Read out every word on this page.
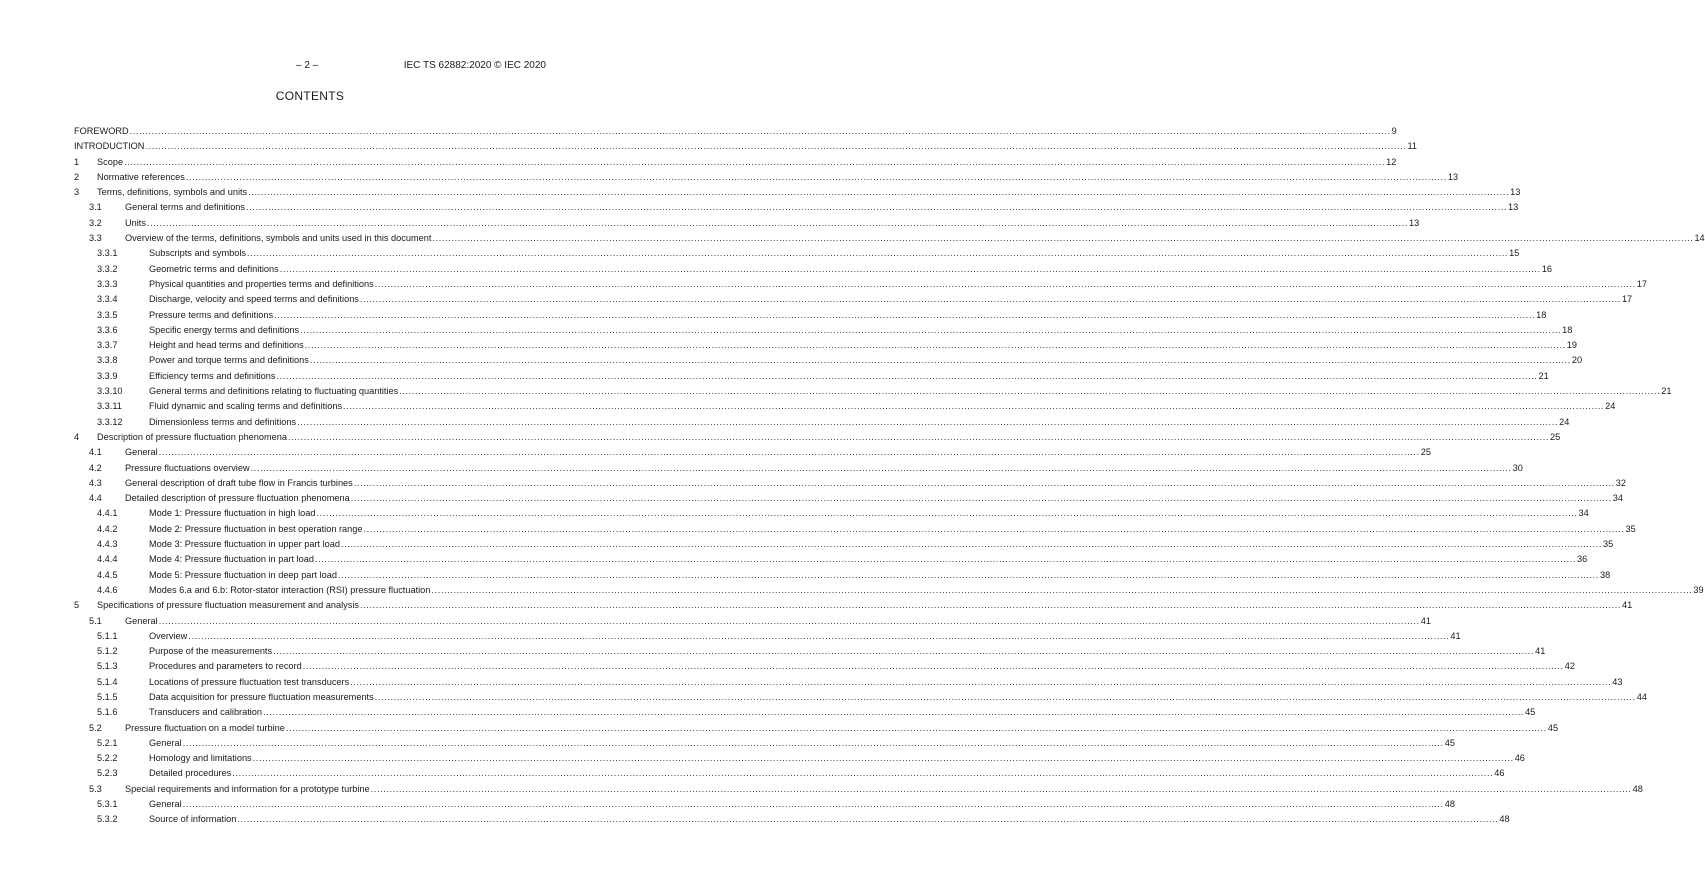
– 2 –	IEC TS 62882:2020 © IEC 2020
CONTENTS
FOREWORD ................................................................................................................................................................................................................................................................................................................................................................................................................ 9
INTRODUCTION ................................................................................................................................................................................................................................................................................................................................................................................................................ 11
1 Scope ................................................................................................................................................................................................................................................................................................................................................................................................................ 12
2 Normative references ................................................................................................................................................................................................................................................................................................................................................................................................................ 13
3 Terms, definitions, symbols and units ................................................................................................................................................................................................................................................................................................................................................................................................................ 13
3.1	General terms and definitions ................................................................................................................................................................................................................................................................................................................................................................................................................ 13
3.2	Units ................................................................................................................................................................................................................................................................................................................................................................................................................ 13
3.3	Overview of the terms, definitions, symbols and units used in this document ................................................................................................................................................................................................................................................................................................................................................................................................................ 14
3.3.1	Subscripts and symbols ................................................................................................................................................................................................................................................................................................................................................................................................................ 15
3.3.2	Geometric terms and definitions ................................................................................................................................................................................................................................................................................................................................................................................................................ 16
3.3.3	Physical quantities and properties terms and definitions ................................................................................................................................................................................................................................................................................................................................................................................................................ 17
3.3.4	Discharge, velocity and speed terms and definitions ................................................................................................................................................................................................................................................................................................................................................................................................................ 17
3.3.5	Pressure terms and definitions ................................................................................................................................................................................................................................................................................................................................................................................................................ 18
3.3.6	Specific energy terms and definitions ................................................................................................................................................................................................................................................................................................................................................................................................................ 18
3.3.7	Height and head terms and definitions ................................................................................................................................................................................................................................................................................................................................................................................................................ 19
3.3.8	Power and torque terms and definitions ................................................................................................................................................................................................................................................................................................................................................................................................................ 20
3.3.9	Efficiency terms and definitions ................................................................................................................................................................................................................................................................................................................................................................................................................ 21
3.3.10	General terms and definitions relating to fluctuating quantities ................................................................................................................................................................................................................................................................................................................................................................................................................ 21
3.3.11	Fluid dynamic and scaling terms and definitions ................................................................................................................................................................................................................................................................................................................................................................................................................ 24
3.3.12	Dimensionless terms and definitions ................................................................................................................................................................................................................................................................................................................................................................................................................ 24
4 Description of pressure fluctuation phenomena ................................................................................................................................................................................................................................................................................................................................................................................................................ 25
4.1	General ................................................................................................................................................................................................................................................................................................................................................................................................................ 25
4.2	Pressure fluctuations overview ................................................................................................................................................................................................................................................................................................................................................................................................................ 30
4.3	General description of draft tube flow in Francis turbines ................................................................................................................................................................................................................................................................................................................................................................................................................ 32
4.4	Detailed description of pressure fluctuation phenomena ................................................................................................................................................................................................................................................................................................................................................................................................................ 34
4.4.1	Mode 1: Pressure fluctuation in high load ................................................................................................................................................................................................................................................................................................................................................................................................................ 34
4.4.2	Mode 2: Pressure fluctuation in best operation range ................................................................................................................................................................................................................................................................................................................................................................................................................ 35
4.4.3	Mode 3: Pressure fluctuation in upper part load ................................................................................................................................................................................................................................................................................................................................................................................................................ 35
4.4.4	Mode 4: Pressure fluctuation in part load ................................................................................................................................................................................................................................................................................................................................................................................................................ 36
4.4.5	Mode 5: Pressure fluctuation in deep part load ................................................................................................................................................................................................................................................................................................................................................................................................................ 38
4.4.6	Modes 6.a and 6.b: Rotor-stator interaction (RSI) pressure fluctuation ................................................................................................................................................................................................................................................................................................................................................................................................................ 39
5 Specifications of pressure fluctuation measurement and analysis ................................................................................................................................................................................................................................................................................................................................................................................................................ 41
5.1	General ................................................................................................................................................................................................................................................................................................................................................................................................................ 41
5.1.1	Overview ................................................................................................................................................................................................................................................................................................................................................................................................................ 41
5.1.2	Purpose of the measurements ................................................................................................................................................................................................................................................................................................................................................................................................................ 41
5.1.3	Procedures and parameters to record ................................................................................................................................................................................................................................................................................................................................................................................................................ 42
5.1.4	Locations of pressure fluctuation test transducers ................................................................................................................................................................................................................................................................................................................................................................................................................ 43
5.1.5	Data acquisition for pressure fluctuation measurements ................................................................................................................................................................................................................................................................................................................................................................................................................ 44
5.1.6	Transducers and calibration ................................................................................................................................................................................................................................................................................................................................................................................................................ 45
5.2	Pressure fluctuation on a model turbine ................................................................................................................................................................................................................................................................................................................................................................................................................ 45
5.2.1	General ................................................................................................................................................................................................................................................................................................................................................................................................................ 45
5.2.2	Homology and limitations ................................................................................................................................................................................................................................................................................................................................................................................................................ 46
5.2.3	Detailed procedures ................................................................................................................................................................................................................................................................................................................................................................................................................ 46
5.3	Special requirements and information for a prototype turbine ................................................................................................................................................................................................................................................................................................................................................................................................................ 48
5.3.1	General ................................................................................................................................................................................................................................................................................................................................................................................................................ 48
5.3.2	Source of information ................................................................................................................................................................................................................................................................................................................................................................................................................ 48
